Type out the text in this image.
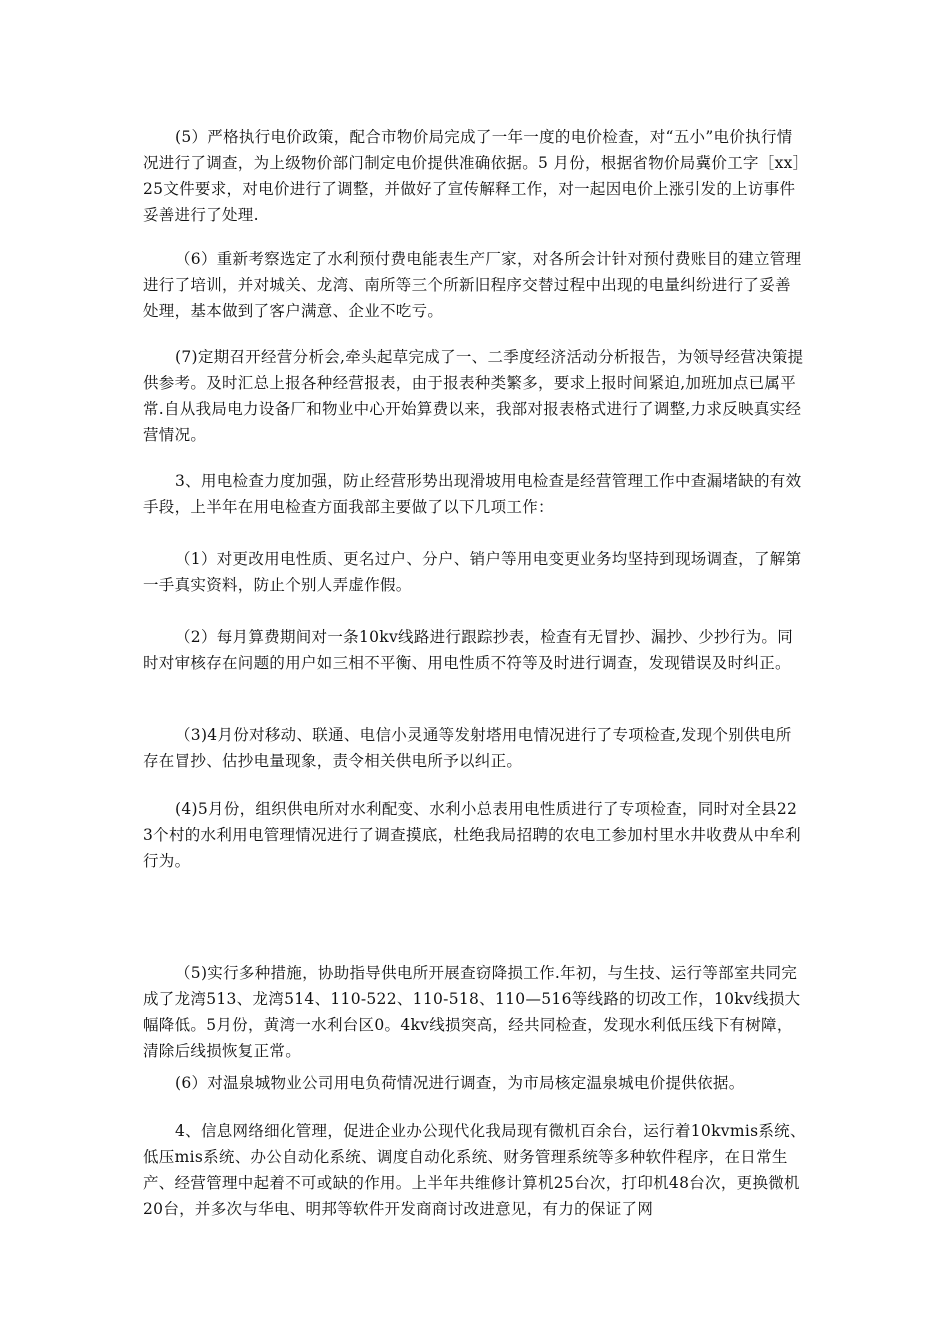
(5）严格执行电价政策，配合市物价局完成了一年一度的电价检查，对“五小”电价执行情况进行了调查，为上级物价部门制定电价提供准确依据。5 月份，根据省物价局冀价工字［xx］25文件要求，对电价进行了调整，并做好了宣传解释工作，对一起因电价上涨引发的上访事件妥善进行了处理.

（6）重新考察选定了水利预付费电能表生产厂家，对各所会计针对预付费账目的建立管理进行了培训，并对城关、龙湾、南所等三个所新旧程序交替过程中出现的电量纠纷进行了妥善处理，基本做到了客户满意、企业不吃亏。

(7)定期召开经营分析会,牵头起草完成了一、二季度经济活动分析报告，为领导经营决策提供参考。及时汇总上报各种经营报表，由于报表种类繁多，要求上报时间紧迫,加班加点已属平常.自从我局电力设备厂和物业中心开始算费以来，我部对报表格式进行了调整,力求反映真实经营情况。

3、用电检查力度加强，防止经营形势出现滑坡用电检查是经营管理工作中查漏堵缺的有效手段，上半年在用电检查方面我部主要做了以下几项工作：

（1）对更改用电性质、更名过户、分户、销户等用电变更业务均坚持到现场调查，了解第一手真实资料，防止个别人弄虚作假。

（2）每月算费期间对一条10kv线路进行跟踪抄表，检查有无冒抄、漏抄、少抄行为。同时对审核存在问题的用户如三相不平衡、用电性质不符等及时进行调查，发现错误及时纠正。

（3)4月份对移动、联通、电信小灵通等发射塔用电情况进行了专项检查,发现个别供电所存在冒抄、估抄电量现象，责令相关供电所予以纠正。

(4)5月份，组织供电所对水利配变、水利小总表用电性质进行了专项检查，同时对全县223个村的水利用电管理情况进行了调查摸底，杜绝我局招聘的农电工参加村里水井收费从中牟利行为。

（5)实行多种措施，协助指导供电所开展查窃降损工作.年初，与生技、运行等部室共同完成了龙湾513、龙湾514、110-522、110-518、110—516等线路的切改工作，10kv线损大幅降低。5月份，黄湾一水利台区0。4kv线损突高，经共同检查，发现水利低压线下有树障，清除后线损恢复正常。

(6）对温泉城物业公司用电负荷情况进行调查，为市局核定温泉城电价提供依据。

4、信息网络细化管理，促进企业办公现代化我局现有微机百余台，运行着10kvmis系统、低压mis系统、办公自动化系统、调度自动化系统、财务管理系统等多种软件程序，在日常生产、经营管理中起着不可或缺的作用。上半年共维修计算机25台次，打印机48台次，更换微机20台，并多次与华电、明邦等软件开发商商讨改进意见，有力的保证了网
